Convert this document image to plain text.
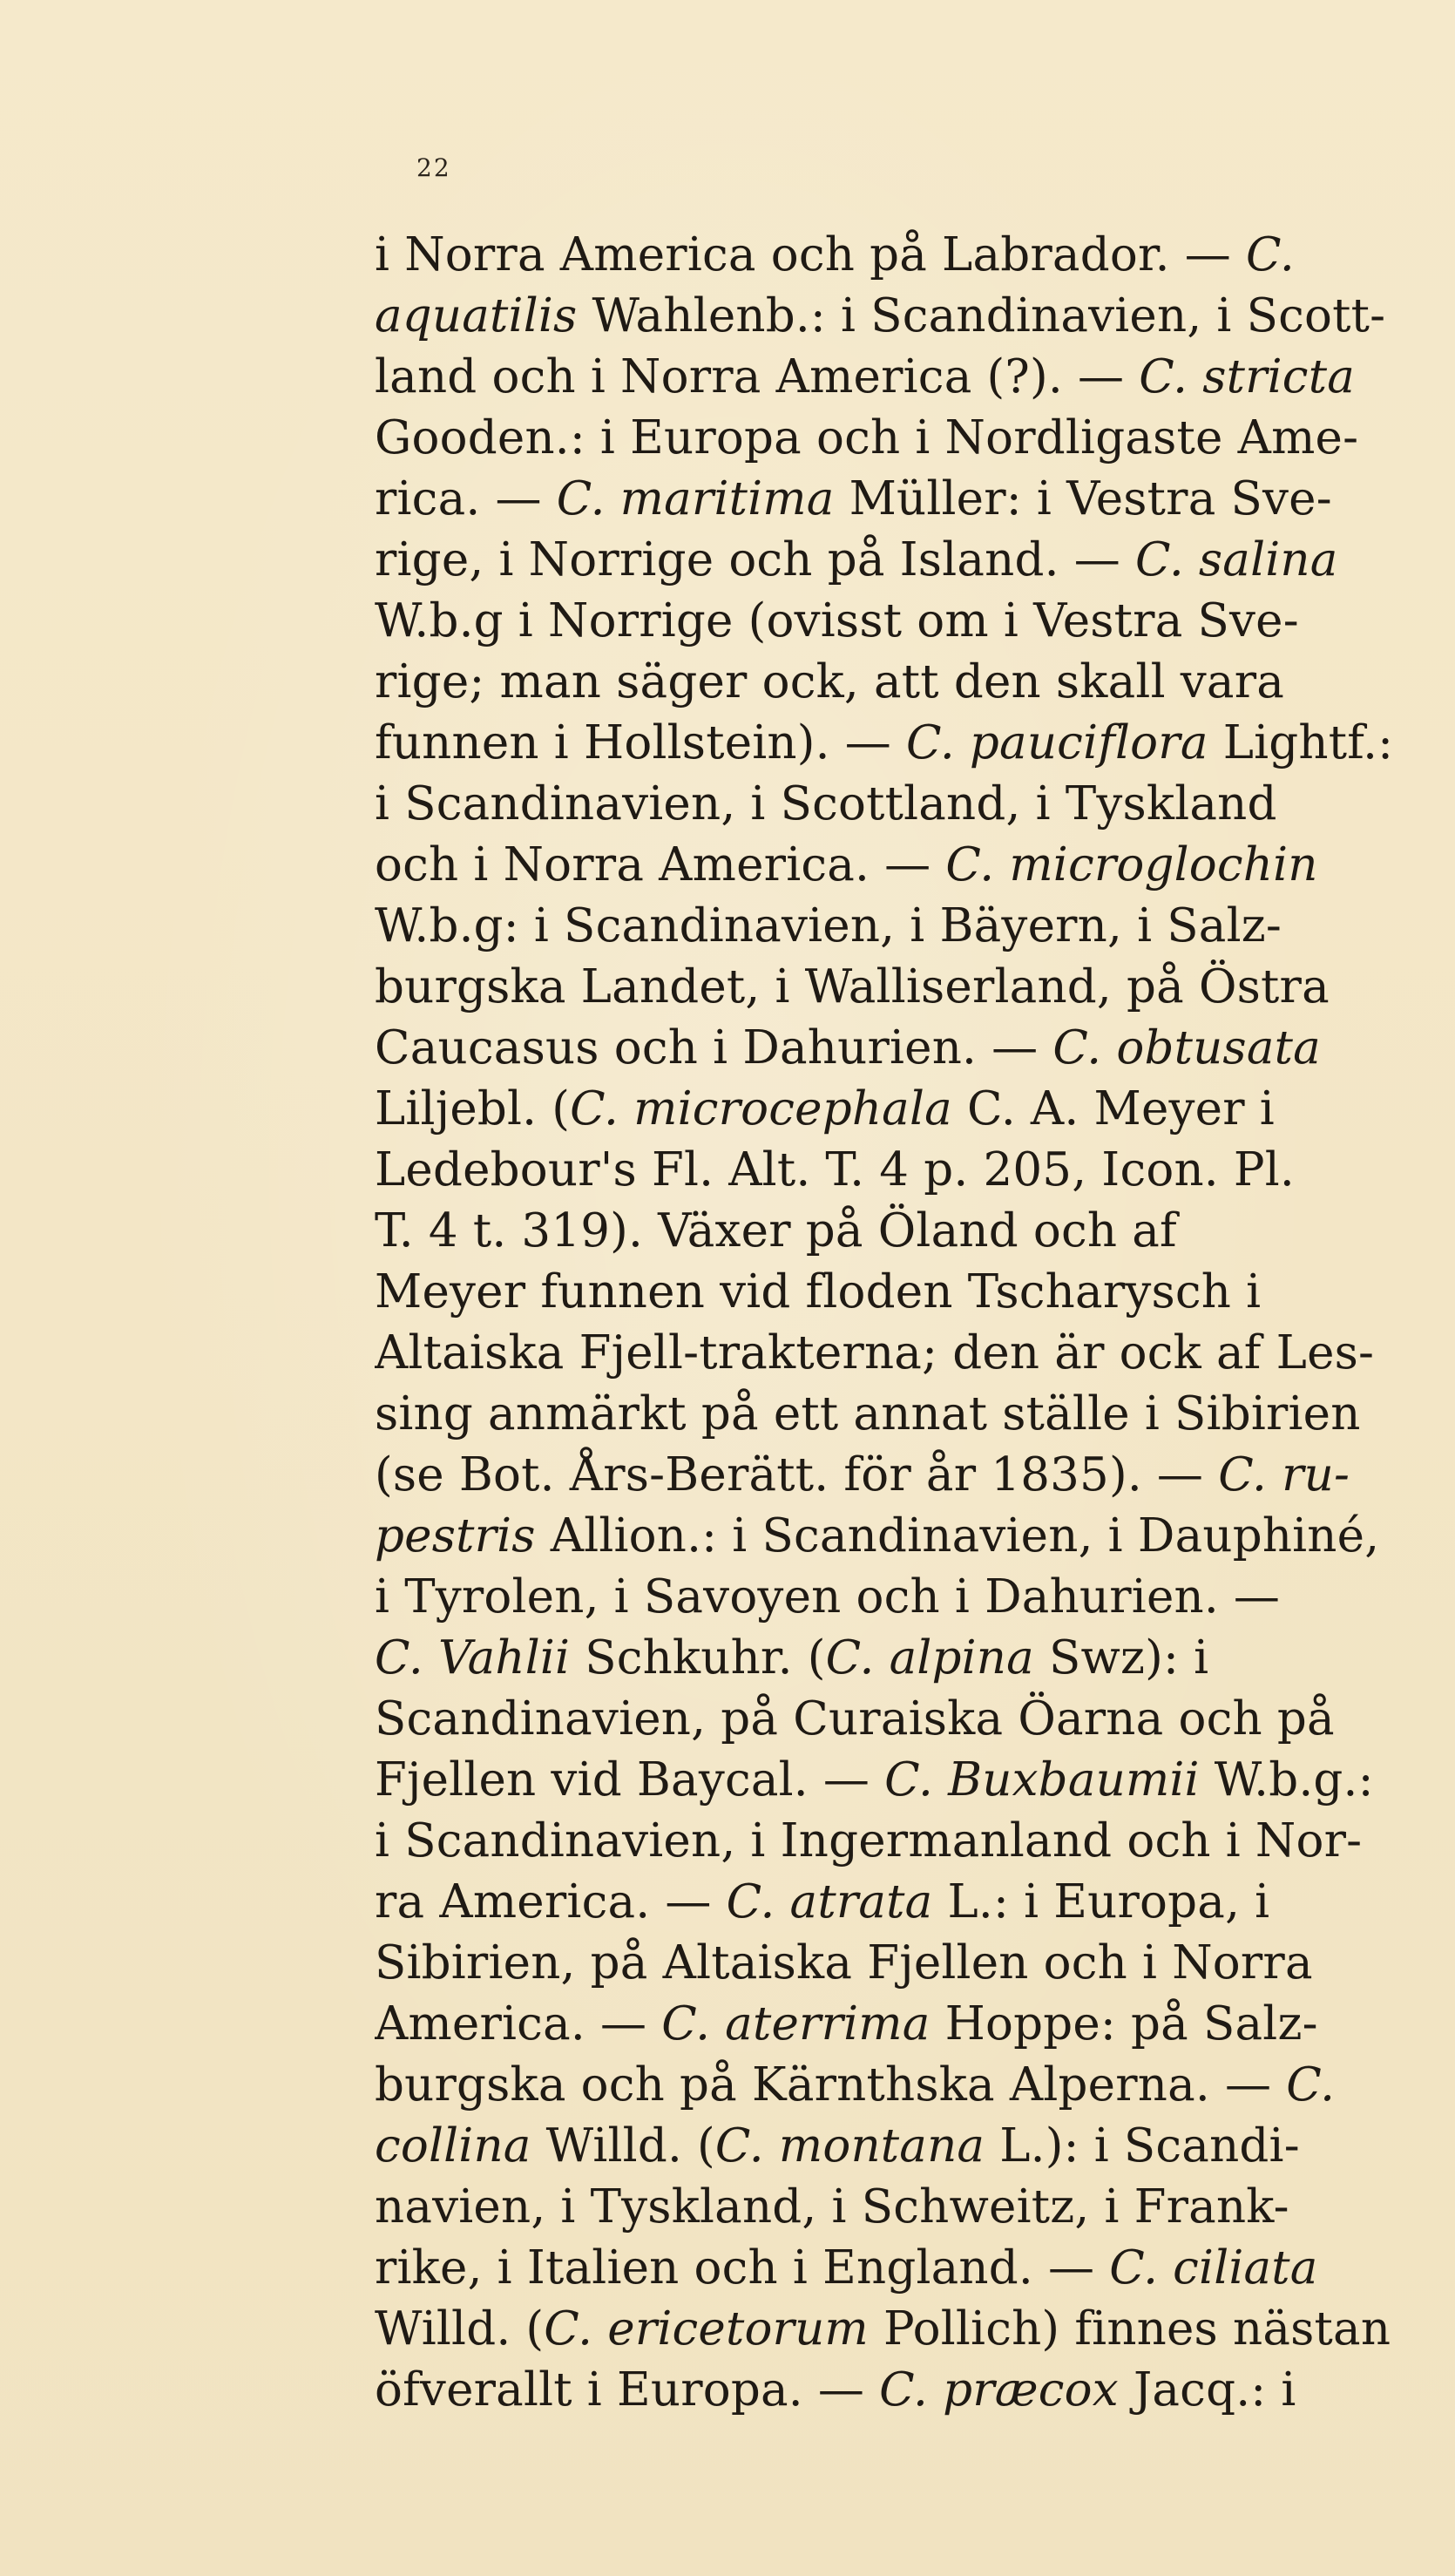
22
i Norra America och på Labrador. — C.
aquatilis Wahlenb.: i Scandinavien, i Scott-
land och i Norra America (?). — C. stricta
Gooden.: i Europa och i Nordligaste Ame-
rica. — C. maritima Müller: i Vestra Sve-
rige, i Norrige och på Island. — C. salina
W.b.g i Norrige (ovisst om i Vestra Sve-
rige; man säger ock, att den skall vara
funnen i Hollstein). — C. pauciflora Lightf.:
i Scandinavien, i Scottland, i Tyskland
och i Norra America. — C. microglochin
W.b.g: i Scandinavien, i Bäyern, i Salz-
burgska Landet, i Walliserland, på Östra
Caucasus och i Dahurien. — C. obtusata
Liljebl. (C. microcephala C. A. Meyer i
Ledebour's Fl. Alt. T. 4 p. 205, Icon. Pl.
T. 4 t. 319). Växer på Öland och af
Meyer funnen vid floden Tscharysch i
Altaiska Fjell-trakterna; den är ock af Les-
sing anmärkt på ett annat ställe i Sibirien
(se Bot. Års-Berätt. för år 1835). — C. ru-
pestris Allion.: i Scandinavien, i Dauphiné,
i Tyrolen, i Savoyen och i Dahurien. —
C. Vahlii Schkuhr. (C. alpina Swz): i
Scandinavien, på Curaiska Öarna och på
Fjellen vid Baycal. — C. Buxbaumii W.b.g.:
i Scandinavien, i Ingermanland och i Nor-
ra America. — C. atrata L.: i Europa, i
Sibirien, på Altaiska Fjellen och i Norra
America. — C. aterrima Hoppe: på Salz-
burgska och på Kärnthska Alperna. — C.
collina Willd. (C. montana L.): i Scandi-
navien, i Tyskland, i Schweitz, i Frank-
rike, i Italien och i England. — C. ciliata
Willd. (C. ericetorum Pollich) finnes nästan
öfverallt i Europa. — C. præcox Jacq.: i
